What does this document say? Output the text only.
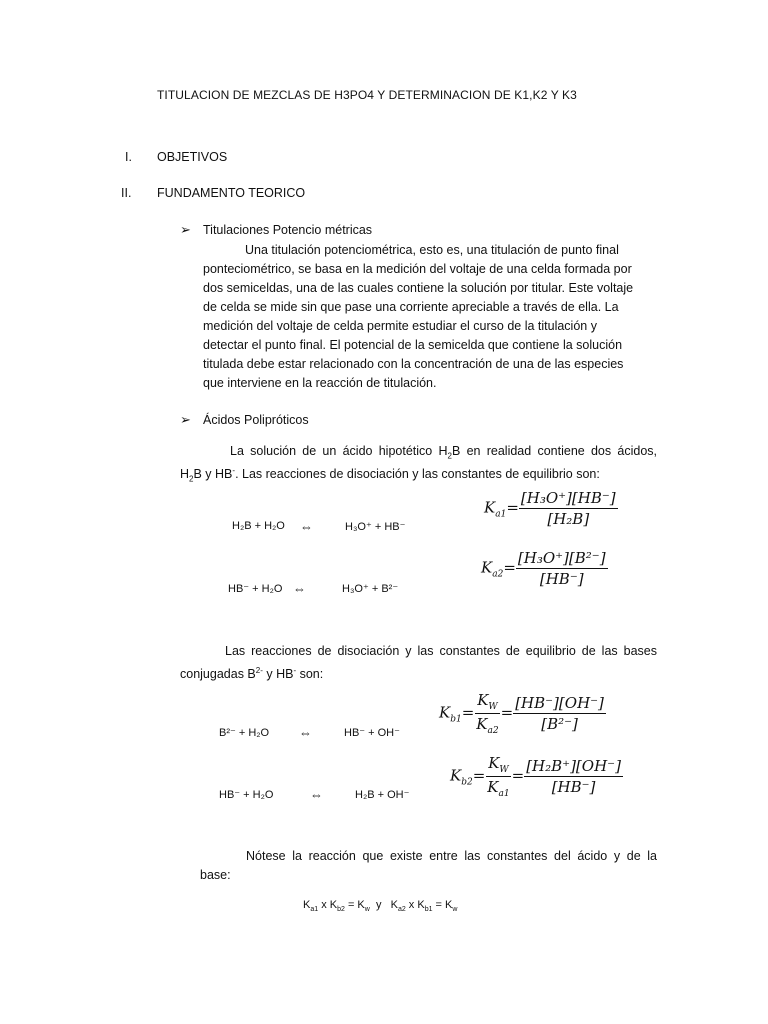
TITULACION DE MEZCLAS DE H3PO4 Y DETERMINACION DE K1,K2 Y K3
I. OBJETIVOS
II. FUNDAMENTO TEORICO
➢ Titulaciones Potencio métricas
Una titulación potenciométrica, esto es, una titulación de punto final
ponteciométrico, se basa en la medición del voltaje de una celda formada por
dos semiceldas, una de las cuales contiene la solución por titular. Este voltaje
de celda se mide sin que pase una corriente apreciable a través de ella. La
medición del voltaje de celda permite estudiar el curso de la titulación y
detectar el punto final. El potencial de la semicelda que contiene la solución
titulada debe estar relacionado con la concentración de una de las especies
que interviene en la reacción de titulación.
➢ Ácidos Polipróticos
La solución de un ácido hipotético $H_2B$ en realidad contiene dos ácidos,
$H_2B$ y HB-. Las reacciones de disociación y las constantes de equilibrio son:
H₂B + H₂O ⇔	H₃O⁺ + HB⁻
HB⁻ + H₂O ⇔	H₃O⁺ + B²⁻
$K_{a1}= \frac{\text{[H₃O⁺][HB⁻]}}{\text{[H₂B]}}$
$K_{a2}= \frac{\text{[H₃O⁺][B²⁻]}}{[HB^-]}$
Las reacciones de disociación y las constantes de equilibrio de las bases
conjugadas $B^{2-}$ y HB- son:
B²⁻ + H₂O ⇔	HB⁻ + OH⁻
HB⁻ + H₂O	⇔	H₂B + OH⁻
$K_{b1}= \frac{K_W}{K_{a2}} = \frac{[HB^-][OH^-]}{\text{[B²⁻]}}$
$K_{b2}= \frac{K_W}{K_{a1}} = \frac{\text{[H₂B⁺][OH⁻]}}{[HB^-]}$
Nótese la reacción que existe entre las constantes del ácido y de la
base:
$K_{a1}$ x $K_{b2} = K_w$  y   $K_{a2}$ x $K_{b1} = K_w$
